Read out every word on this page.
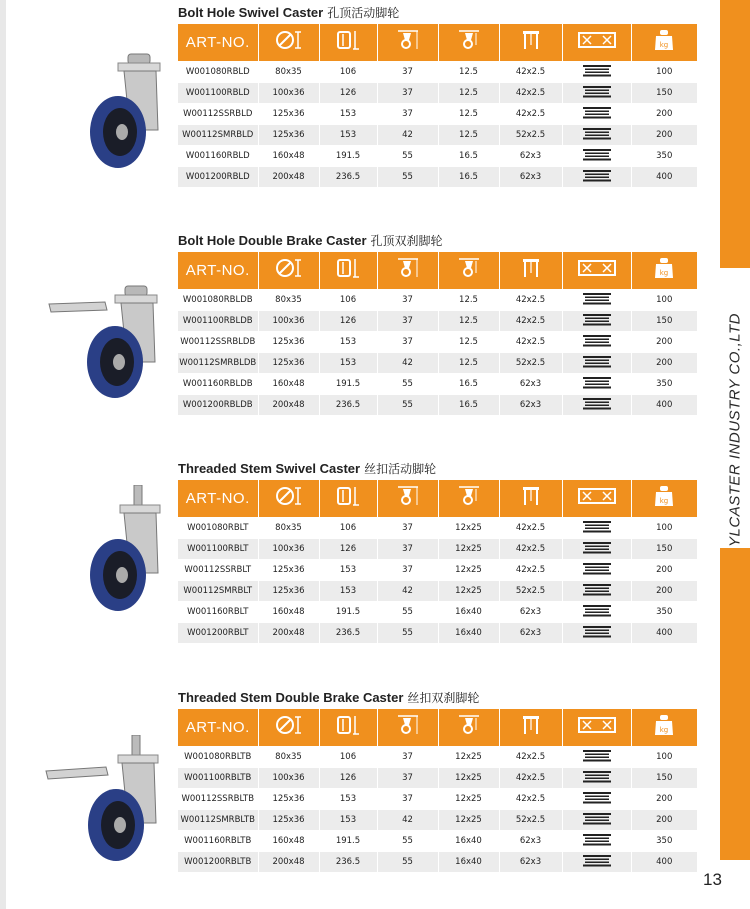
YLCASTER INDUSTRY CO.,LTD
13
Bolt Hole Swivel Caster 孔顶活动脚轮
ART-NO.							kg

W001080RBLD	80x35	106	37	12.5	42x2.5		100
W001100RBLD	100x36	126	37	12.5	42x2.5		150
W00112SSRBLD	125x36	153	37	12.5	42x2.5		200
W00112SMRBLD	125x36	153	42	12.5	52x2.5		200
W001160RBLD	160x48	191.5	55	16.5	62x3		350
W001200RBLD	200x48	236.5	55	16.5	62x3		400
Bolt Hole Double Brake Caster 孔顶双刹脚轮
ART-NO.							kg

W001080RBLDB	80x35	106	37	12.5	42x2.5		100
W001100RBLDB	100x36	126	37	12.5	42x2.5		150
W00112SSRBLDB	125x36	153	37	12.5	42x2.5		200
W00112SMRBLDB	125x36	153	42	12.5	52x2.5		200
W001160RBLDB	160x48	191.5	55	16.5	62x3		350
W001200RBLDB	200x48	236.5	55	16.5	62x3		400
Threaded Stem Swivel Caster 丝扣活动脚轮
ART-NO.							kg

W001080RBLT	80x35	106	37	12x25	42x2.5		100
W001100RBLT	100x36	126	37	12x25	42x2.5		150
W00112SSRBLT	125x36	153	37	12x25	42x2.5		200
W00112SMRBLT	125x36	153	42	12x25	52x2.5		200
W001160RBLT	160x48	191.5	55	16x40	62x3		350
W001200RBLT	200x48	236.5	55	16x40	62x3		400
Threaded Stem Double Brake Caster 丝扣双刹脚轮
ART-NO.							kg

W001080RBLTB	80x35	106	37	12x25	42x2.5		100
W001100RBLTB	100x36	126	37	12x25	42x2.5		150
W00112SSRBLTB	125x36	153	37	12x25	42x2.5		200
W00112SMRBLTB	125x36	153	42	12x25	52x2.5		200
W001160RBLTB	160x48	191.5	55	16x40	62x3		350
W001200RBLTB	200x48	236.5	55	16x40	62x3		400
